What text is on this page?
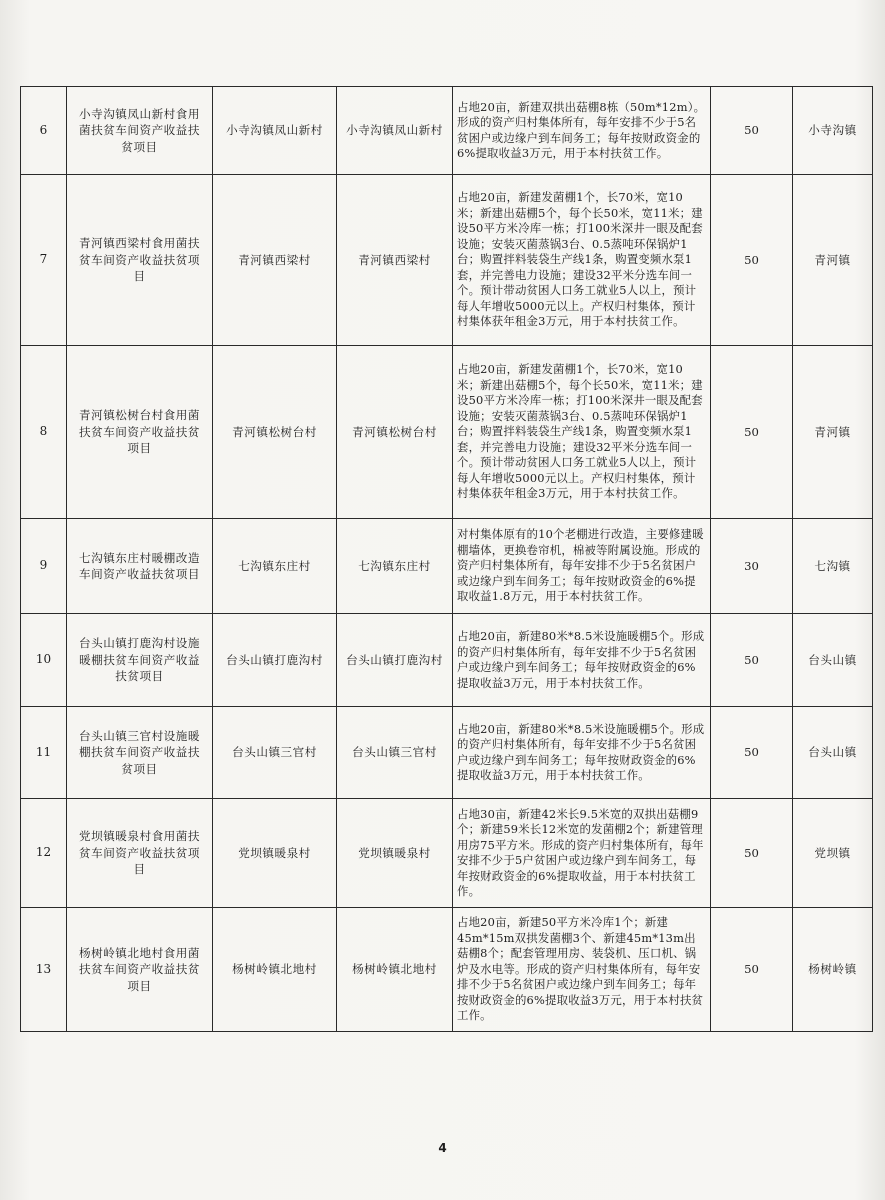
6	小寺沟镇凤山新村食用菌扶贫车间资产收益扶贫项目	小寺沟镇凤山新村	小寺沟镇凤山新村	占地20亩，新建双拱出菇棚8栋（50m*12m）。形成的资产归村集体所有，每年安排不少于5名贫困户或边缘户到车间务工；每年按财政资金的6%提取收益3万元，用于本村扶贫工作。	50	小寺沟镇
7	青河镇西梁村食用菌扶贫车间资产收益扶贫项目	青河镇西梁村	青河镇西梁村	占地20亩，新建发菌棚1个，长70米，宽10米；新建出菇棚5个，每个长50米，宽11米；建设50平方米冷库一栋；打100米深井一眼及配套设施；安装灭菌蒸锅3台、0.5蒸吨环保锅炉1台；购置拌料装袋生产线1条，购置变频水泵1套，并完善电力设施；建设32平米分选车间一个。预计带动贫困人口务工就业5人以上，预计每人年增收5000元以上。产权归村集体，预计村集体获年租金3万元，用于本村扶贫工作。	50	青河镇
8	青河镇松树台村食用菌扶贫车间资产收益扶贫项目	青河镇松树台村	青河镇松树台村	占地20亩，新建发菌棚1个，长70米，宽10米；新建出菇棚5个，每个长50米，宽11米；建设50平方米冷库一栋；打100米深井一眼及配套设施；安装灭菌蒸锅3台、0.5蒸吨环保锅炉1台；购置拌料装袋生产线1条，购置变频水泵1套，并完善电力设施；建设32平米分选车间一个。预计带动贫困人口务工就业5人以上，预计每人年增收5000元以上。产权归村集体，预计村集体获年租金3万元，用于本村扶贫工作。	50	青河镇
9	七沟镇东庄村暖棚改造车间资产收益扶贫项目	七沟镇东庄村	七沟镇东庄村	对村集体原有的10个老棚进行改造，主要修建暖棚墙体，更换卷帘机，棉被等附属设施。形成的资产归村集体所有，每年安排不少于5名贫困户或边缘户到车间务工；每年按财政资金的6%提取收益1.8万元，用于本村扶贫工作。	30	七沟镇
10	台头山镇打鹿沟村设施暖棚扶贫车间资产收益扶贫项目	台头山镇打鹿沟村	台头山镇打鹿沟村	占地20亩，新建80米*8.5米设施暖棚5个。形成的资产归村集体所有，每年安排不少于5名贫困户或边缘户到车间务工；每年按财政资金的6%提取收益3万元，用于本村扶贫工作。	50	台头山镇
11	台头山镇三官村设施暖棚扶贫车间资产收益扶贫项目	台头山镇三官村	台头山镇三官村	占地20亩，新建80米*8.5米设施暖棚5个。形成的资产归村集体所有，每年安排不少于5名贫困户或边缘户到车间务工；每年按财政资金的6%提取收益3万元，用于本村扶贫工作。	50	台头山镇
12	党坝镇暖泉村食用菌扶贫车间资产收益扶贫项目	党坝镇暖泉村	党坝镇暖泉村	占地30亩，新建42米长9.5米宽的双拱出菇棚9个；新建59米长12米宽的发菌棚2个；新建管理用房75平方米。形成的资产归村集体所有，每年安排不少于5户贫困户或边缘户到车间务工，每年按财政资金的6%提取收益，用于本村扶贫工作。	50	党坝镇
13	杨树岭镇北地村食用菌扶贫车间资产收益扶贫项目	杨树岭镇北地村	杨树岭镇北地村	占地20亩，新建50平方米冷库1个；新建45m*15m双拱发菌棚3个、新建45m*13m出菇棚8个；配套管理用房、装袋机、压口机、锅炉及水电等。形成的资产归村集体所有，每年安排不少于5名贫困户或边缘户到车间务工；每年按财政资金的6%提取收益3万元，用于本村扶贫工作。	50	杨树岭镇
4
